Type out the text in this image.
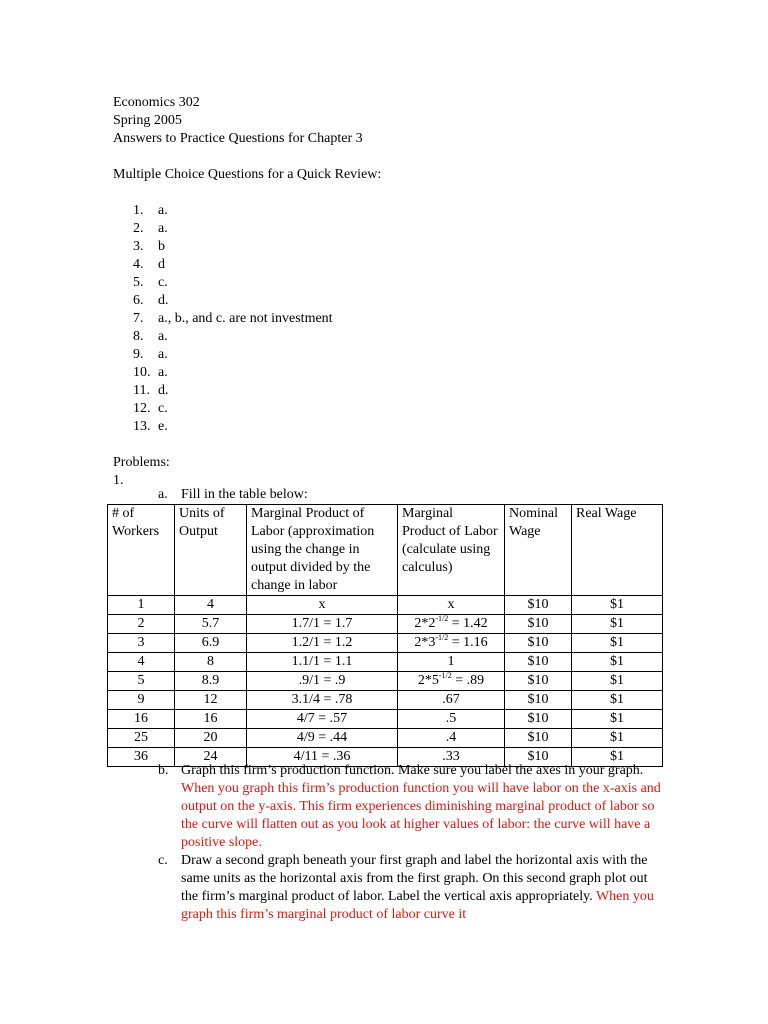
Economics 302
Spring 2005
Answers to Practice Questions for Chapter 3
Multiple Choice Questions for a Quick Review:
1. a.
2. a.
3. b
4. d
5. c.
6. d.
7. a., b., and c. are not investment
8. a.
9. a.
10. a.
11. d.
12. c.
13. e.
Problems:
1.
a. Fill in the table below:
# of Workers	Units of Output	Marginal Product of Labor (approximation using the change in output divided by the change in labor	Marginal Product of Labor (calculate using calculus)	Nominal Wage	Real Wage
1	4	x	x	$10	$1
2	5.7	1.7/1 = 1.7	$2*2^{-1/2} = 1.42$	$10	$1
3	6.9	1.2/1 = 1.2	$2*3^{-1/2} = 1.16$	$10	$1
4	8	1.1/1 = 1.1	1	$10	$1
5	8.9	.9/1 = .9	$2*5^{-1/2} = .89$	$10	$1
9	12	3.1/4 = .78	.67	$10	$1
16	16	4/7 = .57	.5	$10	$1
25	20	4/9 = .44	.4	$10	$1
36	24	4/11 = .36	.33	$10	$1
b. Graph this firm’s production function. Make sure you label the axes in your graph. When you graph this firm’s production function you will have labor on the x-axis and output on the y-axis. This firm experiences diminishing marginal product of labor so the curve will flatten out as you look at higher values of labor: the curve will have a positive slope.
c. Draw a second graph beneath your first graph and label the horizontal axis with the same units as the horizontal axis from the first graph. On this second graph plot out the firm’s marginal product of labor. Label the vertical axis appropriately. When you graph this firm’s marginal product of labor curve it
